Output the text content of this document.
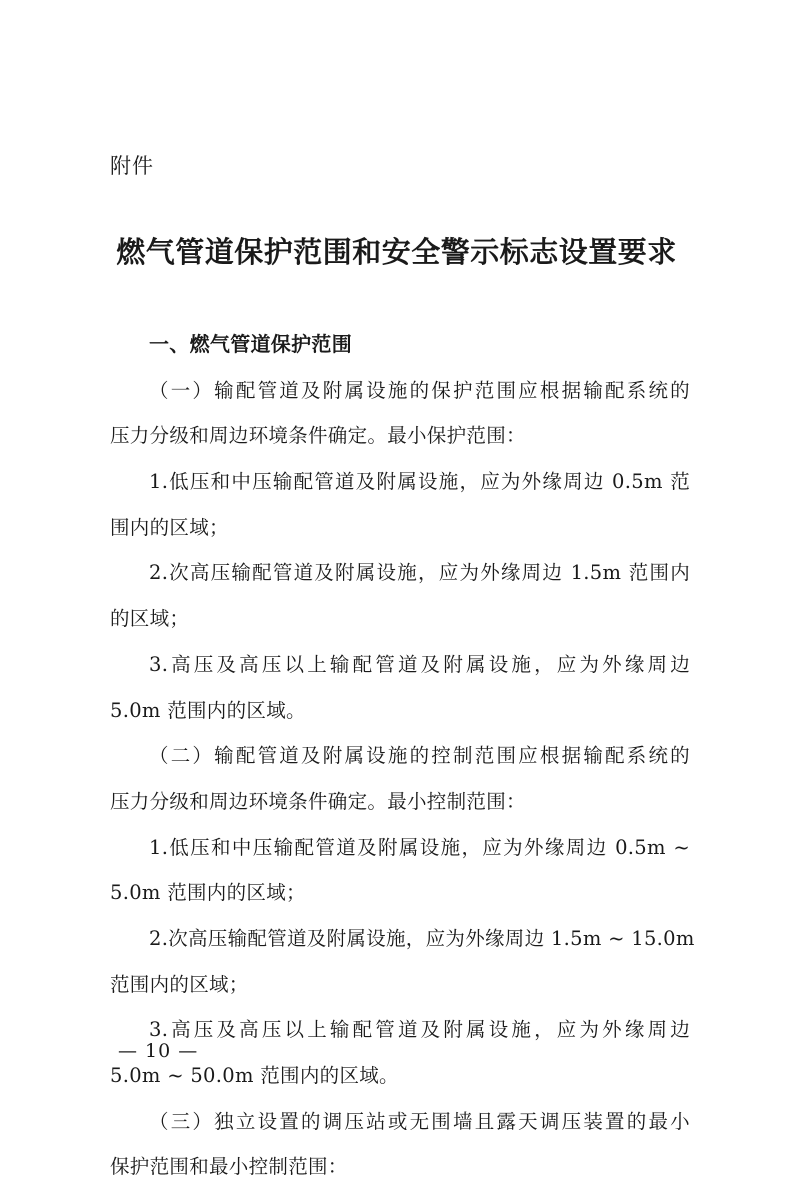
附件
燃气管道保护范围和安全警示标志设置要求
一、燃气管道保护范围
（一）输配管道及附属设施的保护范围应根据输配系统的
压力分级和周边环境条件确定。最小保护范围：
1.低压和中压输配管道及附属设施，应为外缘周边 0.5m 范
围内的区域；
2.次高压输配管道及附属设施，应为外缘周边 1.5m 范围内
的区域；
3.高压及高压以上输配管道及附属设施，应为外缘周边
5.0m 范围内的区域。
（二）输配管道及附属设施的控制范围应根据输配系统的
压力分级和周边环境条件确定。最小控制范围：
1.低压和中压输配管道及附属设施，应为外缘周边 0.5m ~
5.0m 范围内的区域；
2.次高压输配管道及附属设施，应为外缘周边 1.5m ~ 15.0m
范围内的区域；
3.高压及高压以上输配管道及附属设施，应为外缘周边
5.0m ~ 50.0m 范围内的区域。
（三）独立设置的调压站或无围墙且露天调压装置的最小
保护范围和最小控制范围：
— 10 —
